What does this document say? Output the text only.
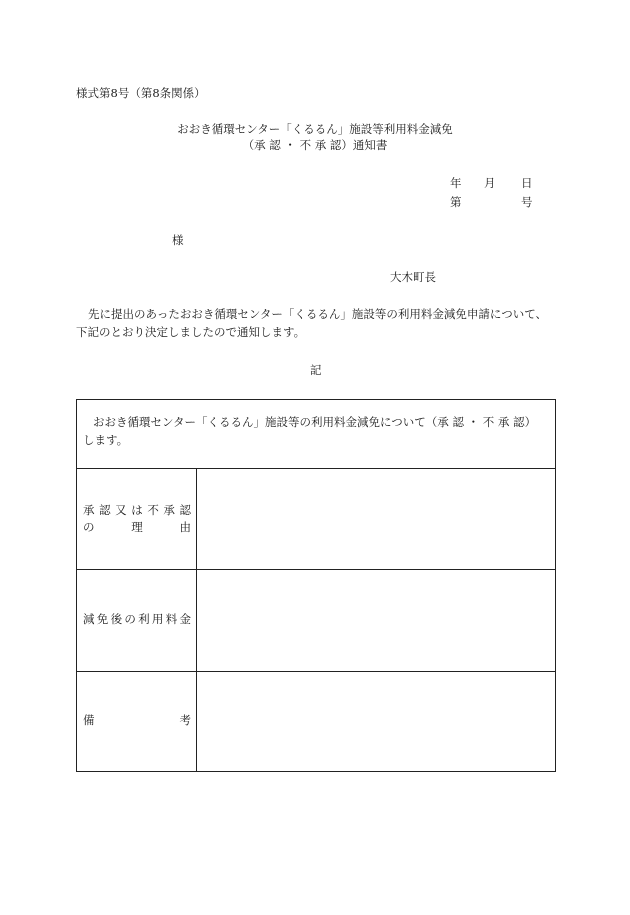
様式第8号（第8条関係）
おおき循環センター「くるるん」施設等利用料金減免
（承 認 ・ 不 承 認）通知書
年 月 日
第	号
様
大木町長
先に提出のあったおおき循環センター「くるるん」施設等の利用料金減免申請について、
下記のとおり決定しましたので通知します。
記
おおき循環センター「くるるん」施設等の利用料金減免について（承 認 ・ 不 承 認）
します。
承 認 又 は 不 承 認
の	理	由
減 免 後 の 利 用 料 金
備	考
